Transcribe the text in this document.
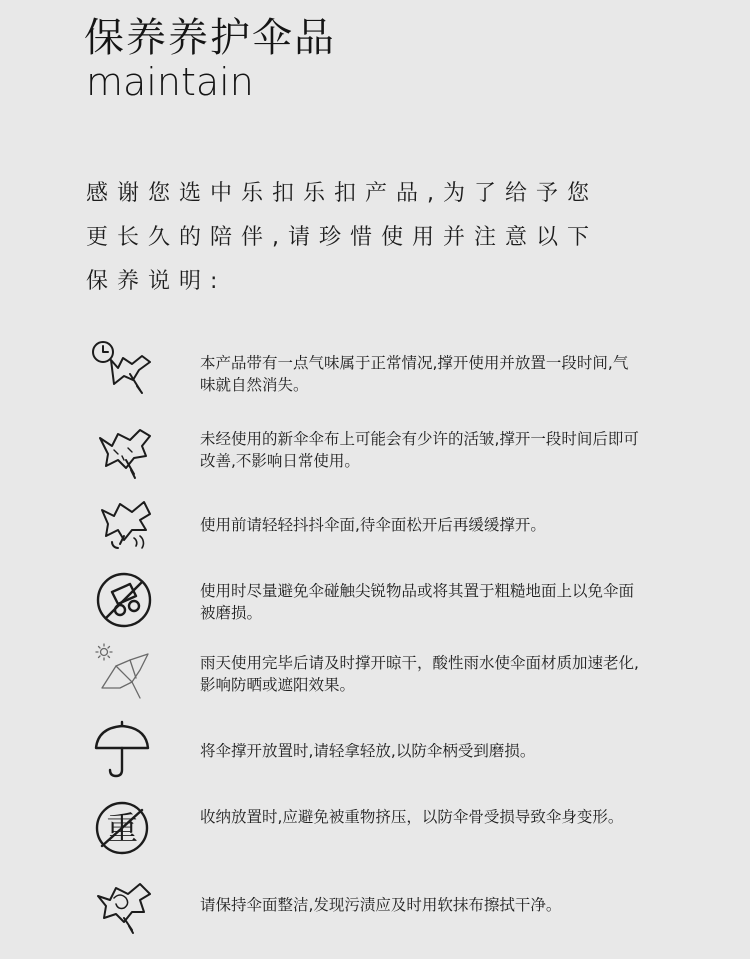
保养养护伞品
maintain
感谢您选中乐扣乐扣产品,为了给予您
更长久的陪伴,请珍惜使用并注意以下
保养说明:
本产品带有一点气味属于正常情况,撑开使用并放置一段时间,气味就自然消失。
未经使用的新伞伞布上可能会有少许的活皱,撑开一段时间后即可改善,不影响日常使用。
使用前请轻轻抖抖伞面,待伞面松开后再缓缓撑开。
使用时尽量避免伞碰触尖锐物品或将其置于粗糙地面上以免伞面被磨损。
雨天使用完毕后请及时撑开晾干，酸性雨水使伞面材质加速老化,影响防晒或遮阳效果。
将伞撑开放置时,请轻拿轻放,以防伞柄受到磨损。
重	收纳放置时,应避免被重物挤压，以防伞骨受损导致伞身变形。
请保持伞面整洁,发现污渍应及时用软抹布擦拭干净。
